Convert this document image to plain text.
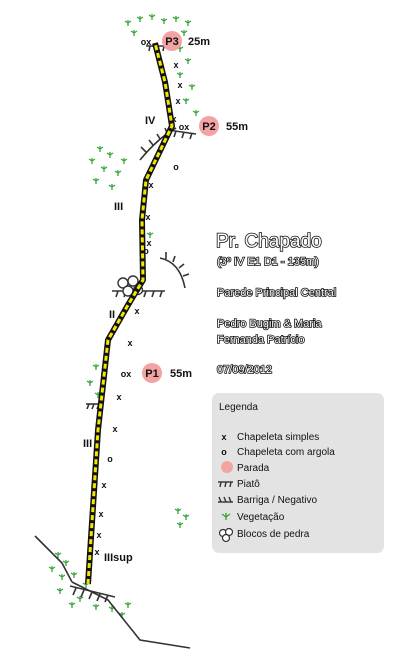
x
x
x
x
o
x
x
x
x
x
x
x
o
x
x
x
x
o
ox P3 25m
ox P2 55m
ox P1 55m
IV
III
II
III
IIIsup
Pr. Chapado
(3º IV E1 D1 - 135m)
Parede Principal Central
Pedro Bugim & Maria
Fernanda Patrício
07/09/2012
Legenda
x Chapeleta simples
o Chapeleta com argola
Parada
Piatô
Barriga / Negativo
Vegetação
Blocos de pedra
